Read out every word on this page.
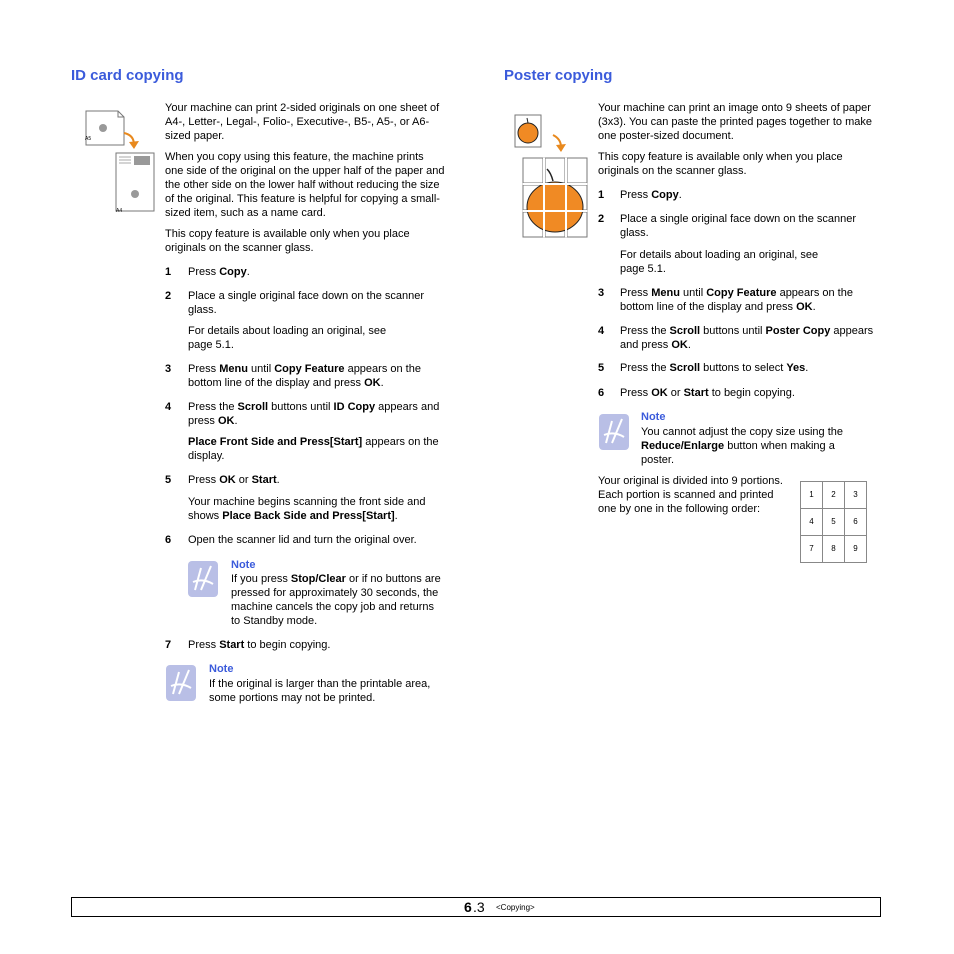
ID card copying
A5
A4

Your machine can print 2-sided originals on one sheet of A4-, Letter-, Legal-, Folio-, Executive-, B5-, A5-, or A6-sized paper.

When you copy using this feature, the machine prints one side of the original on the upper half of the paper and the other side on the lower half without reducing the size of the original. This feature is helpful for copying a small-sized item, such as a name card.

This copy feature is available only when you place originals on the scanner glass.

1 Press Copy.

2 Place a single original face down on the scanner glass.

For details about loading an original, see page 5.1.

3 Press Menu until Copy Feature appears on the bottom line of the display and press OK.

4 Press the Scroll buttons until ID Copy appears and press OK.

Place Front Side and Press[Start] appears on the display.

5 Press OK or Start.

Your machine begins scanning the front side and shows Place Back Side and Press[Start].

6 Open the scanner lid and turn the original over.

Note

If you press Stop/Clear or if no buttons are pressed for approximately 30 seconds, the machine cancels the copy job and returns to Standby mode.

7 Press Start to begin copying.

Note

If the original is larger than the printable area, some portions may not be printed.

Poster copying

Your machine can print an image onto 9 sheets of paper (3x3). You can paste the printed pages together to make one poster-sized document.

This copy feature is available only when you place originals on the scanner glass.

1 Press Copy.

2 Place a single original face down on the scanner glass.

For details about loading an original, see page 5.1.

3 Press Menu until Copy Feature appears on the bottom line of the display and press OK.

4 Press the Scroll buttons until Poster Copy appears and press OK.

5 Press the Scroll buttons to select Yes.

6 Press OK or Start to begin copying.

Note

You cannot adjust the copy size using the Reduce/Enlarge button when making a poster.

Your original is divided into 9 portions. Each portion is scanned and printed one by one in the following order:

1	2	3
4	5	6
7	8	9
6 .3 <Copying>
